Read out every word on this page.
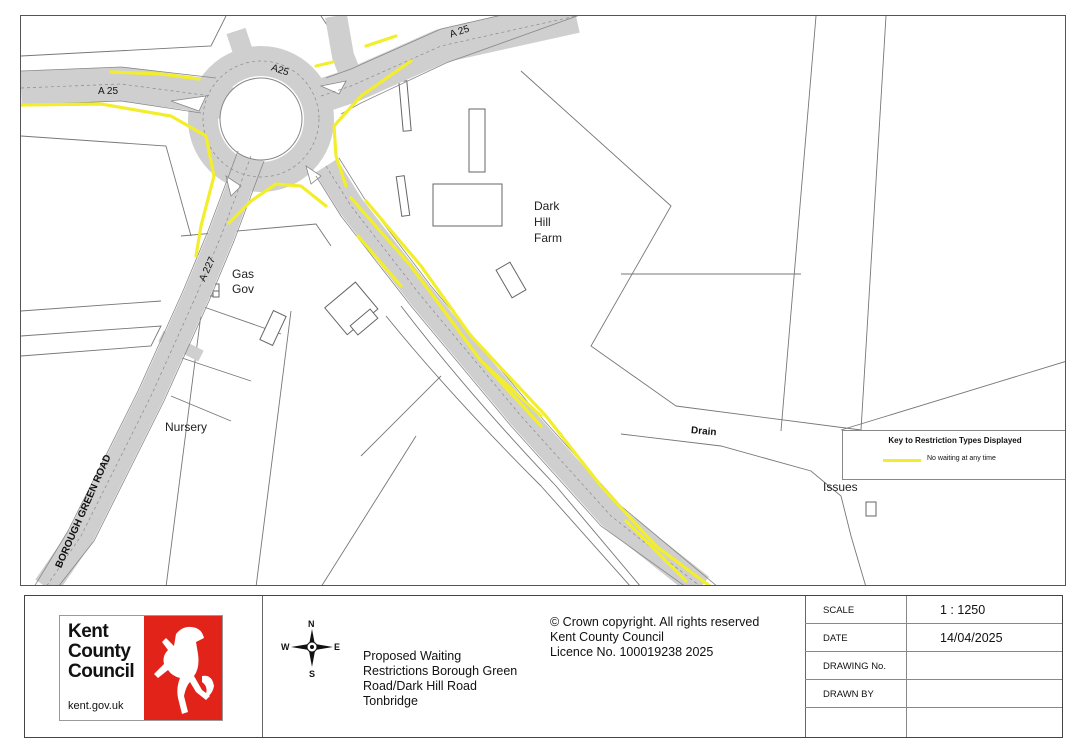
A 25
A 25
A25
A 227
BOROUGH GREEN ROAD
Drain
Dark
Hill
Farm
Gas
Gov
Nursery
Issues
Key to Restriction Types Displayed
No waiting at any time
Kent
County
Council
kent.gov.uk
N
E
S
W
Proposed Waiting
Restrictions Borough Green
Road/Dark Hill Road
Tonbridge
© Crown copyright. All rights reserved
Kent County Council
Licence No. 100019238 2025
SCALE	1 : 1250
DATE	14/04/2025
DRAWING No.
DRAWN BY
